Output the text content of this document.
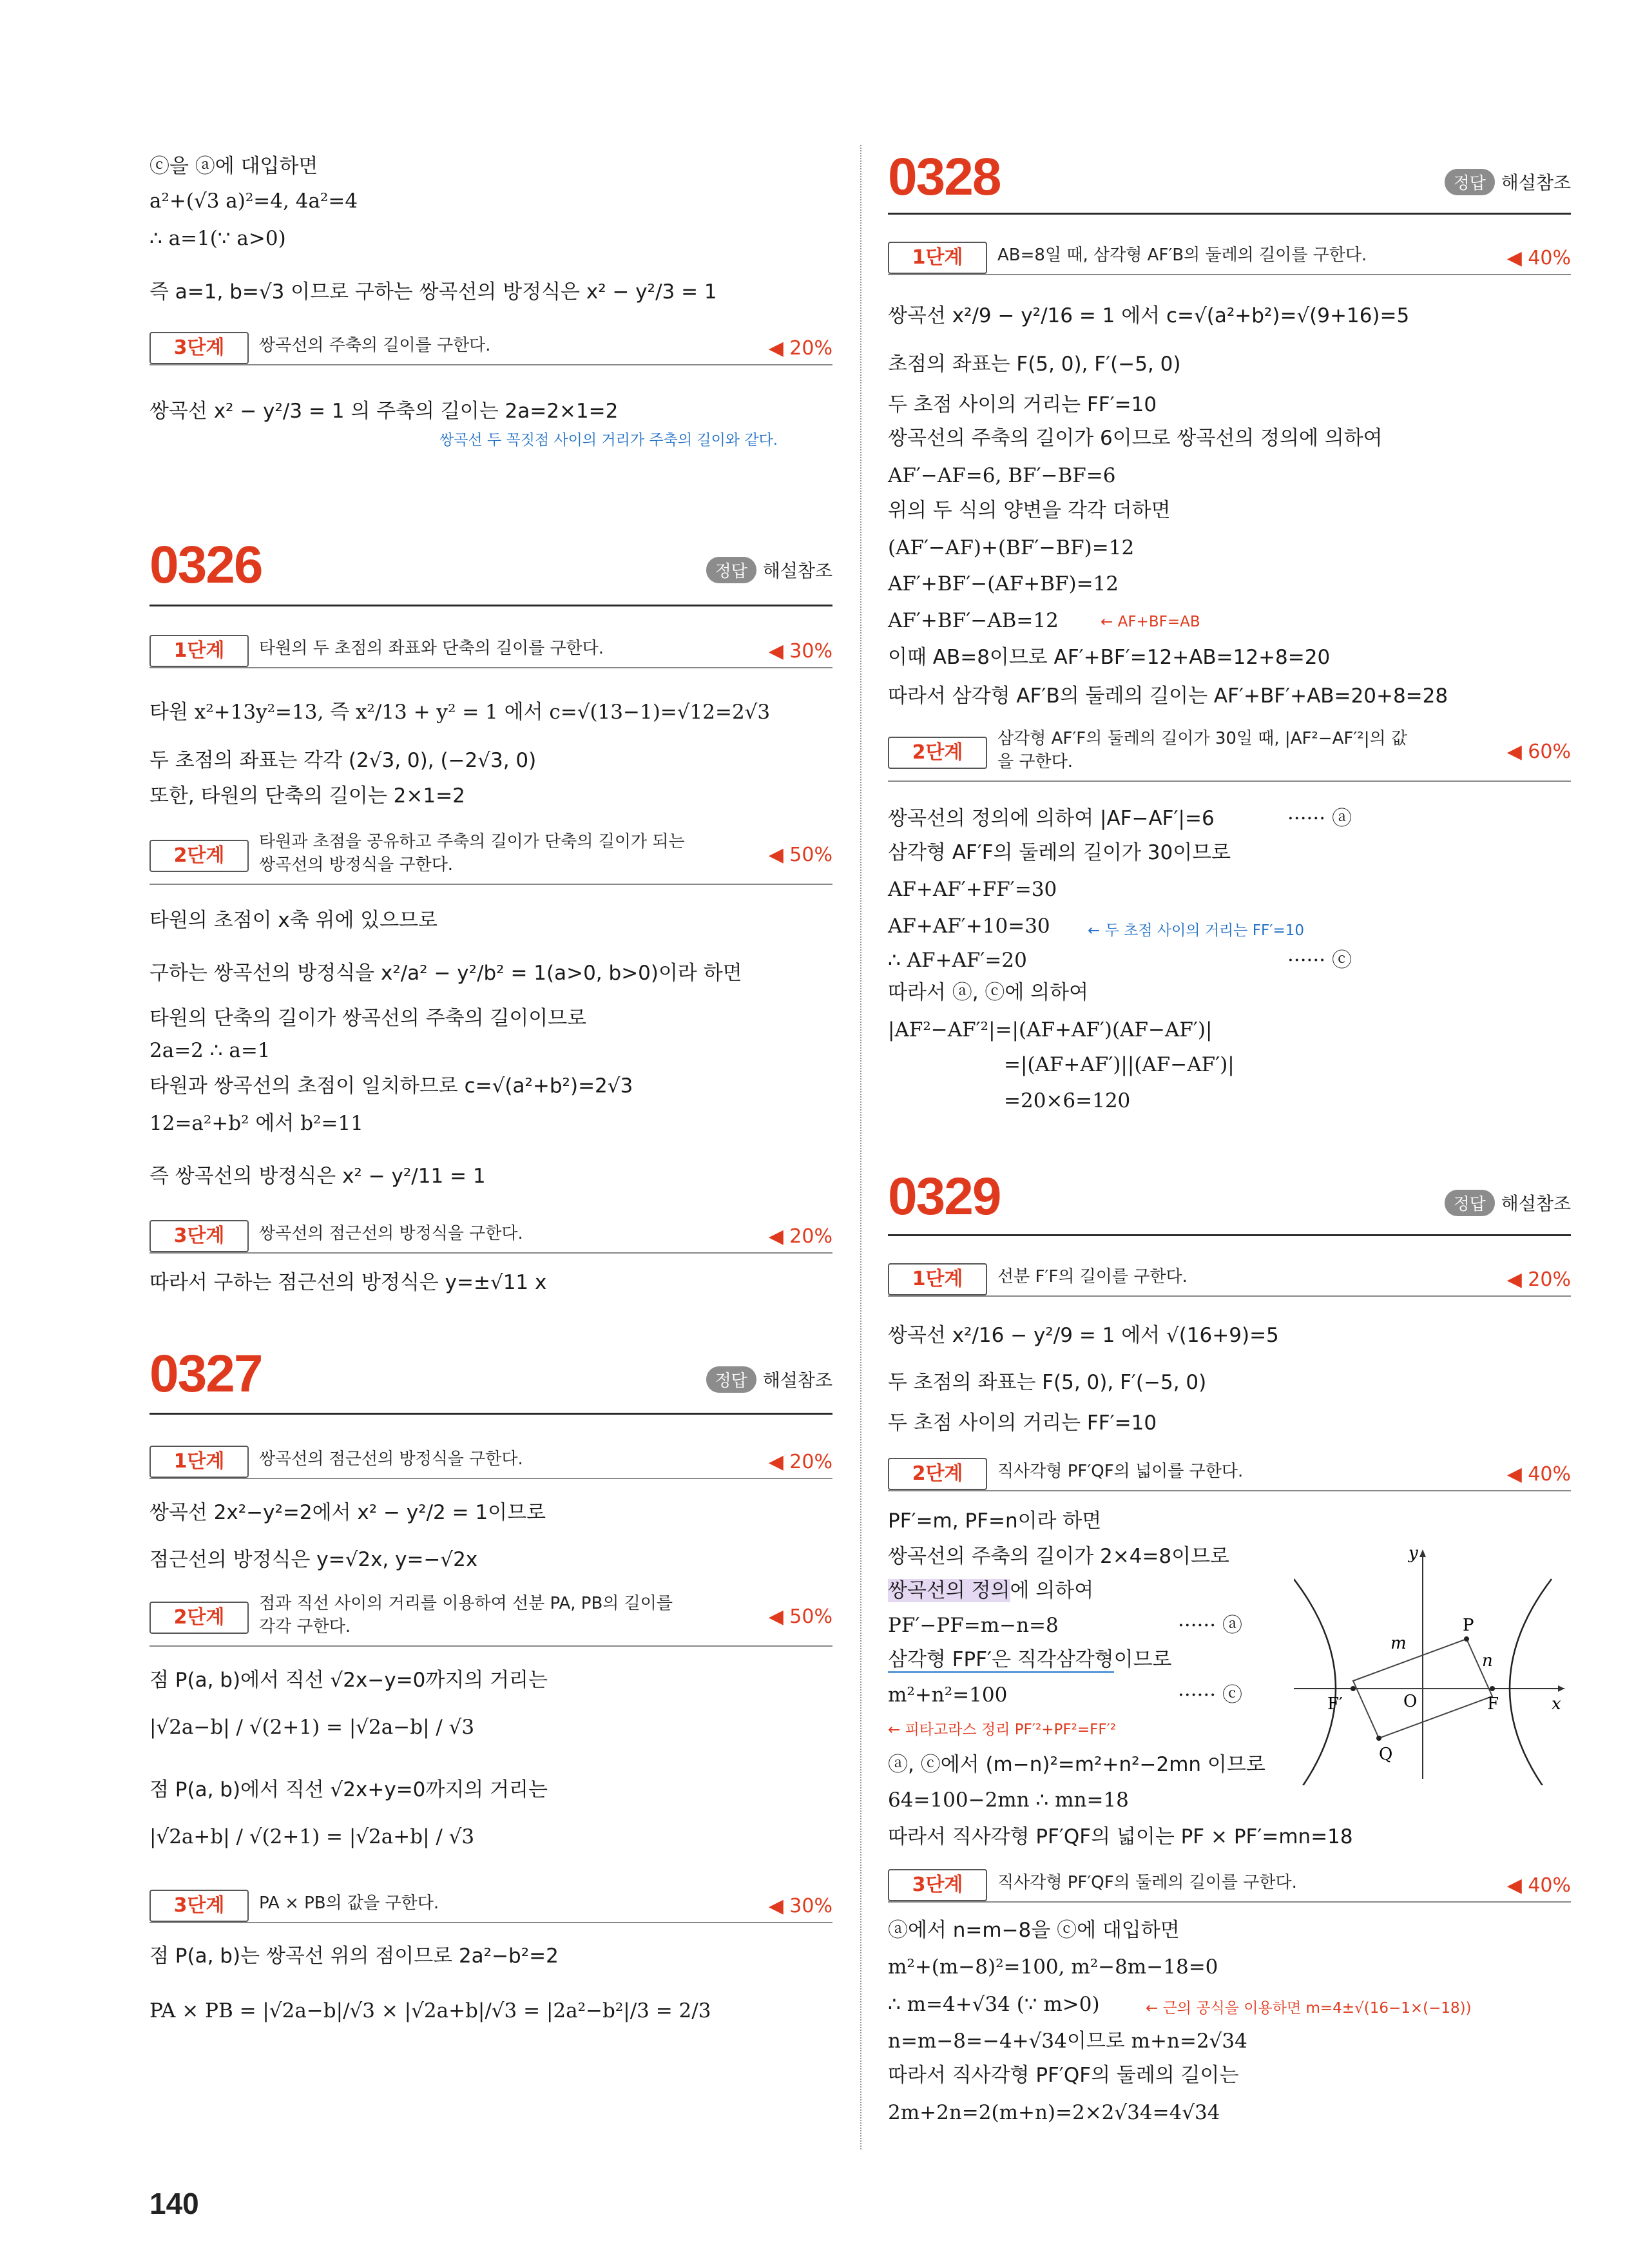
ⓒ을 ⓐ에 대입하면
a²+(√3 a)²=4, 4a²=4
∴ a=1(∵ a>0)
즉 a=1, b=√3 이므로 구하는 쌍곡선의 방정식은 x² − y²/3 = 1
3단계	쌍곡선의 주축의 길이를 구한다.	◀ 20%
쌍곡선 x² − y²/3 = 1 의 주축의 길이는 2a=2×1=2
쌍곡선 두 꼭짓점 사이의 거리가 주축의 길이와 같다.
0326	정답 해설참조
1단계	타원의 두 초점의 좌표와 단축의 길이를 구한다.	◀ 30%
타원 x²+13y²=13, 즉 x²/13 + y² = 1 에서 c=√(13−1)=√12=2√3
두 초점의 좌표는 각각 (2√3, 0), (−2√3, 0)
또한, 타원의 단축의 길이는 2×1=2
2단계
타원과 초점을 공유하고 주축의 길이가 단축의 길이가 되는
쌍곡선의 방정식을 구한다.	◀ 50%
타원의 초점이 x축 위에 있으므로
구하는 쌍곡선의 방정식을 x²/a² − y²/b² = 1(a>0, b>0)이라 하면
타원의 단축의 길이가 쌍곡선의 주축의 길이이므로
2a=2 ∴ a=1
타원과 쌍곡선의 초점이 일치하므로 c=√(a²+b²)=2√3
12=a²+b² 에서 b²=11
즉 쌍곡선의 방정식은 x² − y²/11 = 1
3단계	쌍곡선의 점근선의 방정식을 구한다.	◀ 20%
따라서 구하는 점근선의 방정식은 y=±√11 x
0327	정답 해설참조
1단계	쌍곡선의 점근선의 방정식을 구한다.	◀ 20%
쌍곡선 2x²−y²=2에서 x² − y²/2 = 1이므로
점근선의 방정식은 y=√2x, y=−√2x
2단계
점과 직선 사이의 거리를 이용하여 선분 PA, PB의 길이를
각각 구한다.	◀ 50%
점 P(a, b)에서 직선 √2x−y=0까지의 거리는
|√2a−b| / √(2+1) = |√2a−b| / √3
점 P(a, b)에서 직선 √2x+y=0까지의 거리는
|√2a+b| / √(2+1) = |√2a+b| / √3
3단계	PA × PB의 값을 구한다.	◀ 30%
점 P(a, b)는 쌍곡선 위의 점이므로 2a²−b²=2
PA × PB = |√2a−b|/√3 × |√2a+b|/√3 = |2a²−b²|/3 = 2/3
0328	정답 해설참조
1단계	AB=8일 때, 삼각형 AF′B의 둘레의 길이를 구한다.	◀ 40%
쌍곡선 x²/9 − y²/16 = 1 에서 c=√(a²+b²)=√(9+16)=5
초점의 좌표는 F(5, 0), F′(−5, 0)
두 초점 사이의 거리는 FF′=10
쌍곡선의 주축의 길이가 6이므로 쌍곡선의 정의에 의하여
AF′−AF=6, BF′−BF=6
위의 두 식의 양변을 각각 더하면
(AF′−AF)+(BF′−BF)=12
AF′+BF′−(AF+BF)=12
AF′+BF′−AB=12	← AF+BF=AB
이때 AB=8이므로 AF′+BF′=12+AB=12+8=20
따라서 삼각형 AF′B의 둘레의 길이는 AF′+BF′+AB=20+8=28
2단계
삼각형 AF′F의 둘레의 길이가 30일 때, |AF²−AF′²|의 값
을 구한다.	◀ 60%
쌍곡선의 정의에 의하여 |AF−AF′|=6	······ ⓐ
삼각형 AF′F의 둘레의 길이가 30이므로
AF+AF′+FF′=30
AF+AF′+10=30	← 두 초점 사이의 거리는 FF′=10
∴ AF+AF′=20	······ ⓒ
따라서 ⓐ, ⓒ에 의하여
|AF²−AF′²|=|(AF+AF′)(AF−AF′)|
=|(AF+AF′)||(AF−AF′)|
=20×6=120
0329	정답 해설참조
1단계	선분 F′F의 길이를 구한다.	◀ 20%
쌍곡선 x²/16 − y²/9 = 1 에서 √(16+9)=5
두 초점의 좌표는 F(5, 0), F′(−5, 0)
두 초점 사이의 거리는 FF′=10
2단계	직사각형 PF′QF의 넓이를 구한다.	◀ 40%
PF′=m, PF=n이라 하면
쌍곡선의 주축의 길이가 2×4=8이므로
쌍곡선의 정의에 의하여
PF′−PF=m−n=8	······ ⓐ
삼각형 FPF′은 직각삼각형이므로
m²+n²=100	······ ⓒ
← 피타고라스 정리 PF′²+PF²=FF′²
ⓐ, ⓒ에서 (m−n)²=m²+n²−2mn 이므로
64=100−2mn ∴ mn=18
따라서 직사각형 PF′QF의 넓이는 PF × PF′=mn=18
y
x
P
Q
F
F′	O
m
n
3단계	직사각형 PF′QF의 둘레의 길이를 구한다.	◀ 40%
ⓐ에서 n=m−8을 ⓒ에 대입하면
m²+(m−8)²=100, m²−8m−18=0
∴ m=4+√34 (∵ m>0)	← 근의 공식을 이용하면 m=4±√(16−1×(−18))
n=m−8=−4+√34이므로 m+n=2√34
따라서 직사각형 PF′QF의 둘레의 길이는
2m+2n=2(m+n)=2×2√34=4√34
140
